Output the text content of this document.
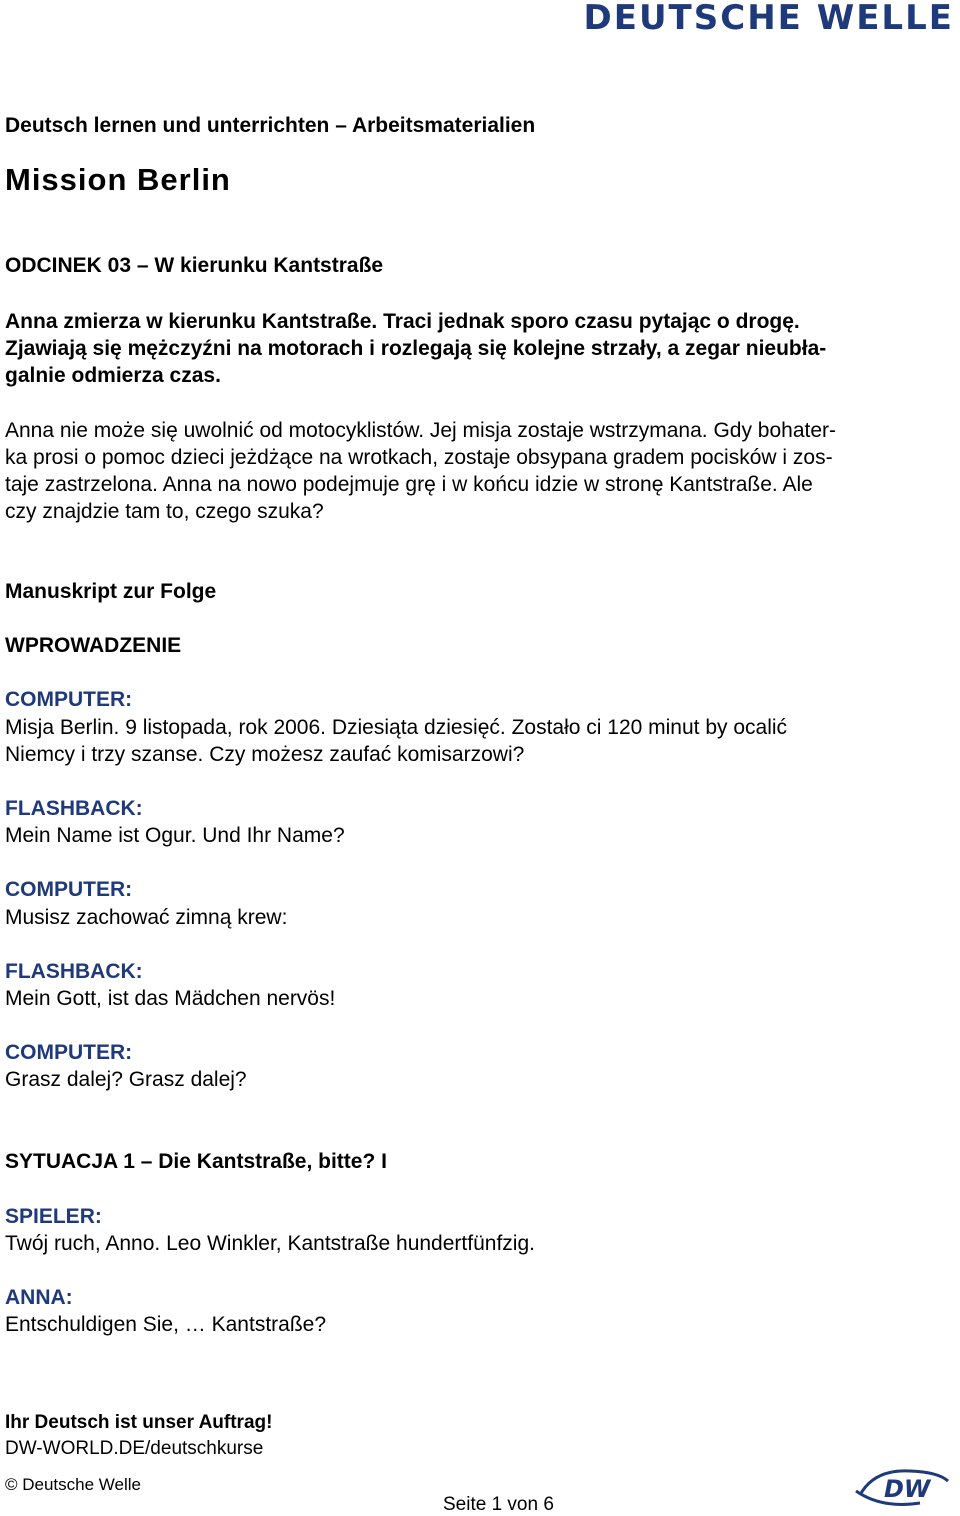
DEUTSCHE WELLE
Deutsch lernen und unterrichten – Arbeitsmaterialien
Mission Berlin
ODCINEK 03 – W kierunku Kantstraße

Anna zmierza w kierunku Kantstraße. Traci jednak sporo czasu pytając o drogę.

Zjawiają się mężczyźni na motorach i rozlegają się kolejne strzały, a zegar nieubła-

galnie odmierza czas.

Anna nie może się uwolnić od motocyklistów. Jej misja zostaje wstrzymana. Gdy bohater-

ka prosi o pomoc dzieci jeżdżące na wrotkach, zostaje obsypana gradem pocisków i zos-

taje zastrzelona. Anna na nowo podejmuje grę i w końcu idzie w stronę Kantstraße. Ale

czy znajdzie tam to, czego szuka?

Manuskript zur Folge
WPROWADZENIE
COMPUTER:
Misja Berlin. 9 listopada, rok 2006. Dziesiąta dziesięć. Zostało ci 120 minut by ocalić
Niemcy i trzy szanse. Czy możesz zaufać komisarzowi?
FLASHBACK:
Mein Name ist Ogur. Und Ihr Name?
COMPUTER:
Musisz zachować zimną krew:
FLASHBACK:
Mein Gott, ist das Mädchen nervös!
COMPUTER:
Grasz dalej? Grasz dalej?
SYTUACJA 1 – Die Kantstraße, bitte? I
SPIELER:
Twój ruch, Anno. Leo Winkler, Kantstraße hundertfünfzig.
ANNA:
Entschuldigen Sie, … Kantstraße?
Ihr Deutsch ist unser Auftrag!
DW-WORLD.DE/deutschkurse
© Deutsche Welle
Seite 1 von 6
DW
